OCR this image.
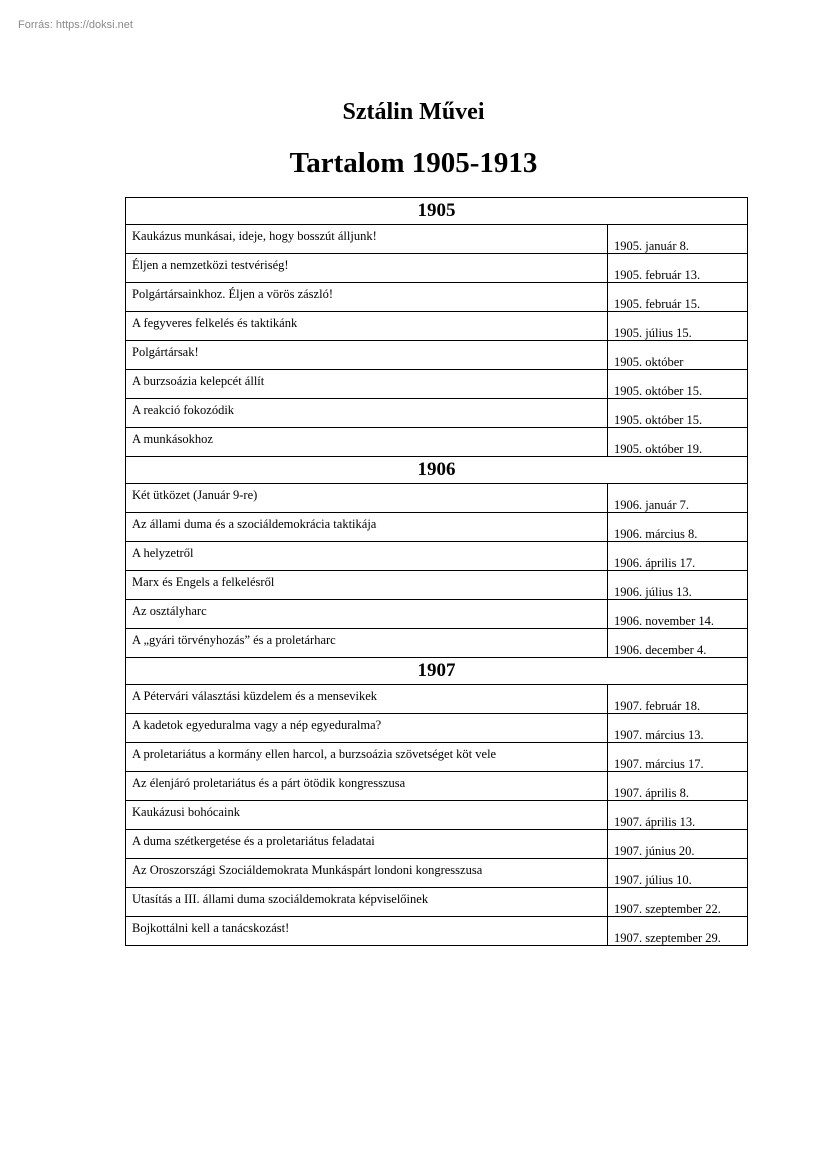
Forrás: https://doksi.net
Sztálin Művei
Tartalom 1905-1913
1905	
Kaukázus munkásai, ideje, hogy bosszút álljunk!	1905. január 8.
Éljen a nemzetközi testvériség!	1905. február 13.
Polgártársainkhoz. Éljen a vörös zászló!	1905. február 15.
A fegyveres felkelés és taktikánk	1905. július 15.
Polgártársak!	1905. október
A burzsoázia kelepcét állít	1905. október 15.
A reakció fokozódik	1905. október 15.
A munkásokhoz	1905. október 19.
1906	
Két ütközet (Január 9-re)	1906. január 7.
Az állami duma és a szociáldemokrácia taktikája	1906. március 8.
A helyzetről	1906. április 17.
Marx és Engels a felkelésről	1906. július 13.
Az osztályharc	1906. november 14.
A „gyári törvényhozás” és a proletárharc	1906. december 4.
1907	
A Pétervári választási küzdelem és a mensevikek	1907. február 18.
A kadetok egyeduralma vagy a nép egyeduralma?	1907. március 13.
A proletariátus a kormány ellen harcol, a burzsoázia szövetséget köt vele	1907. március 17.
Az élenjáró proletariátus és a párt ötödik kongresszusa	1907. április 8.
Kaukázusi bohócaink	1907. április 13.
A duma szétkergetése és a proletariátus feladatai	1907. június 20.
Az Oroszországi Szociáldemokrata Munkáspárt londoni kongresszusa	1907. július 10.
Utasítás a III. állami duma szociáldemokrata képviselőinek	1907. szeptember 22.
Bojkottálni kell a tanácskozást!	1907. szeptember 29.
